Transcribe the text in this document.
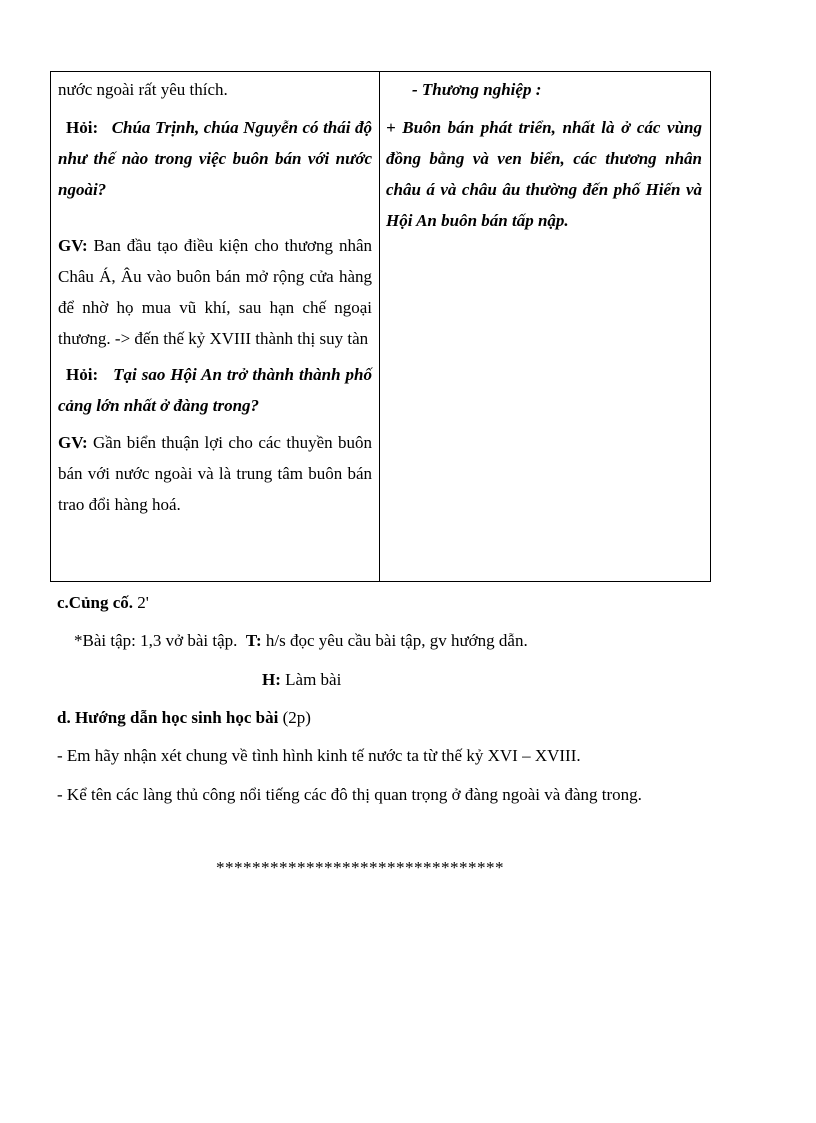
nước ngoài rất yêu thích.

Hỏi: Chúa Trịnh, chúa Nguyễn có thái độ như thế nào trong việc buôn bán với nước ngoài?

GV: Ban đầu tạo điều kiện cho thương nhân Châu Á, Âu vào buôn bán mở rộng cửa hàng để nhờ họ mua vũ khí, sau hạn chế ngoại thương. -> đến thế kỷ XVIII thành thị suy tàn

Hỏi: Tại sao Hội An trở thành thành phố cảng lớn nhất ở đàng trong?

GV: Gần biển thuận lợi cho các thuyền buôn bán với nước ngoài và là trung tâm buôn bán trao đổi hàng hoá.

- Thương nghiệp :

+ Buôn bán phát triển, nhất là ở các vùng đồng bằng và ven biển, các thương nhân châu á và châu âu thường đến phố Hiến và Hội An buôn bán tấp nập.

c.Củng cố. 2'
*Bài tập: 1,3 vở bài tập. T: h/s đọc yêu cầu bài tập, gv hướng dẫn.
H: Làm bài
d. Hướng dẫn học sinh học bài (2p)
- Em hãy nhận xét chung về tình hình kinh tế nước ta từ thế kỷ XVI – XVIII.
- Kể tên các làng thủ công nổi tiếng các đô thị quan trọng ở đàng ngoài và đàng trong.
********************************
